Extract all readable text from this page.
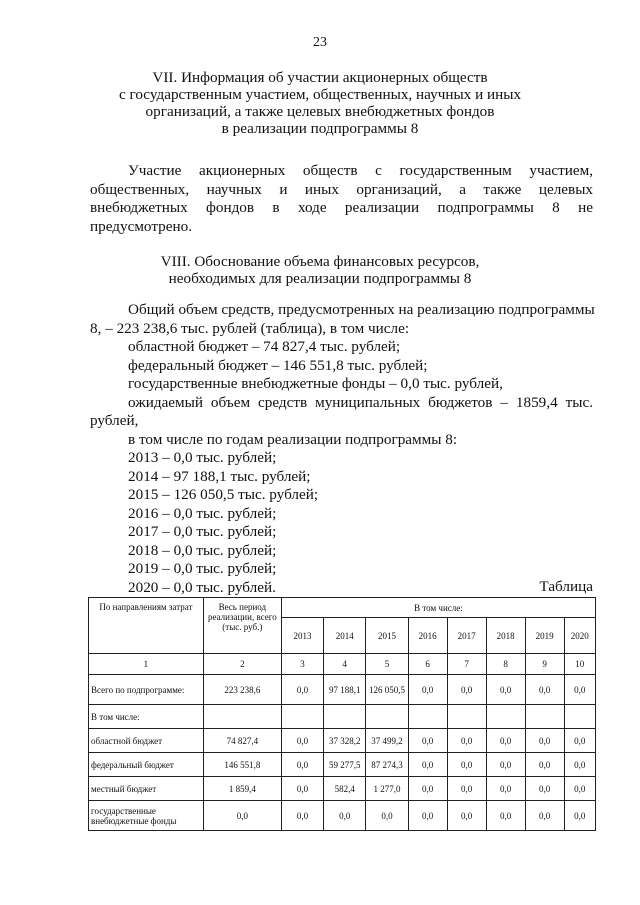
23
VII. Информация об участии акционерных обществ
с государственным участием, общественных, научных и иных
организаций, а также целевых внебюджетных фондов
в реализации подпрограммы 8
Участие акционерных обществ с государственным участием,
общественных, научных и иных организаций, а также целевых
внебюджетных фондов в ходе реализации подпрограммы 8 не
предусмотрено.
VIII. Обоснование объема финансовых ресурсов,
необходимых для реализации подпрограммы 8
Общий объем средств, предусмотренных на реализацию подпрограммы
8, – 223 238,6 тыс. рублей (таблица), в том числе:
областной бюджет – 74 827,4 тыс. рублей;
федеральный бюджет – 146 551,8 тыс. рублей;
государственные внебюджетные фонды – 0,0 тыс. рублей,
ожидаемый объем средств муниципальных бюджетов – 1859,4 тыс.
рублей,
в том числе по годам реализации подпрограммы 8:
2013 – 0,0 тыс. рублей;
2014 – 97 188,1 тыс. рублей;
2015 – 126 050,5 тыс. рублей;
2016 – 0,0 тыс. рублей;
2017 – 0,0 тыс. рублей;
2018 – 0,0 тыс. рублей;
2019 – 0,0 тыс. рублей;
2020 – 0,0 тыс. рублей.	Таблица
По направлениям затрат	Весь период реализации, всего (тыс. руб.)	В том числе:							
		2013	2014	2015	2016	2017	2018	2019	2020
1	2	3	4	5	6	7	8	9	10
Всего по подпрограмме:	223 238,6	0,0	97 188,1	126 050,5	0,0	0,0	0,0	0,0	0,0
В том числе:									
областной бюджет	74 827,4	0,0	37 328,2	37 499,2	0,0	0,0	0,0	0,0	0,0
федеральный бюджет	146 551,8	0,0	59 277,5	87 274,3	0,0	0,0	0,0	0,0	0,0
местный бюджет	1 859,4	0,0	582,4	1 277,0	0,0	0,0	0,0	0,0	0,0
государственные внебюджетные фонды	0,0	0,0	0,0	0,0	0,0	0,0	0,0	0,0	0,0
